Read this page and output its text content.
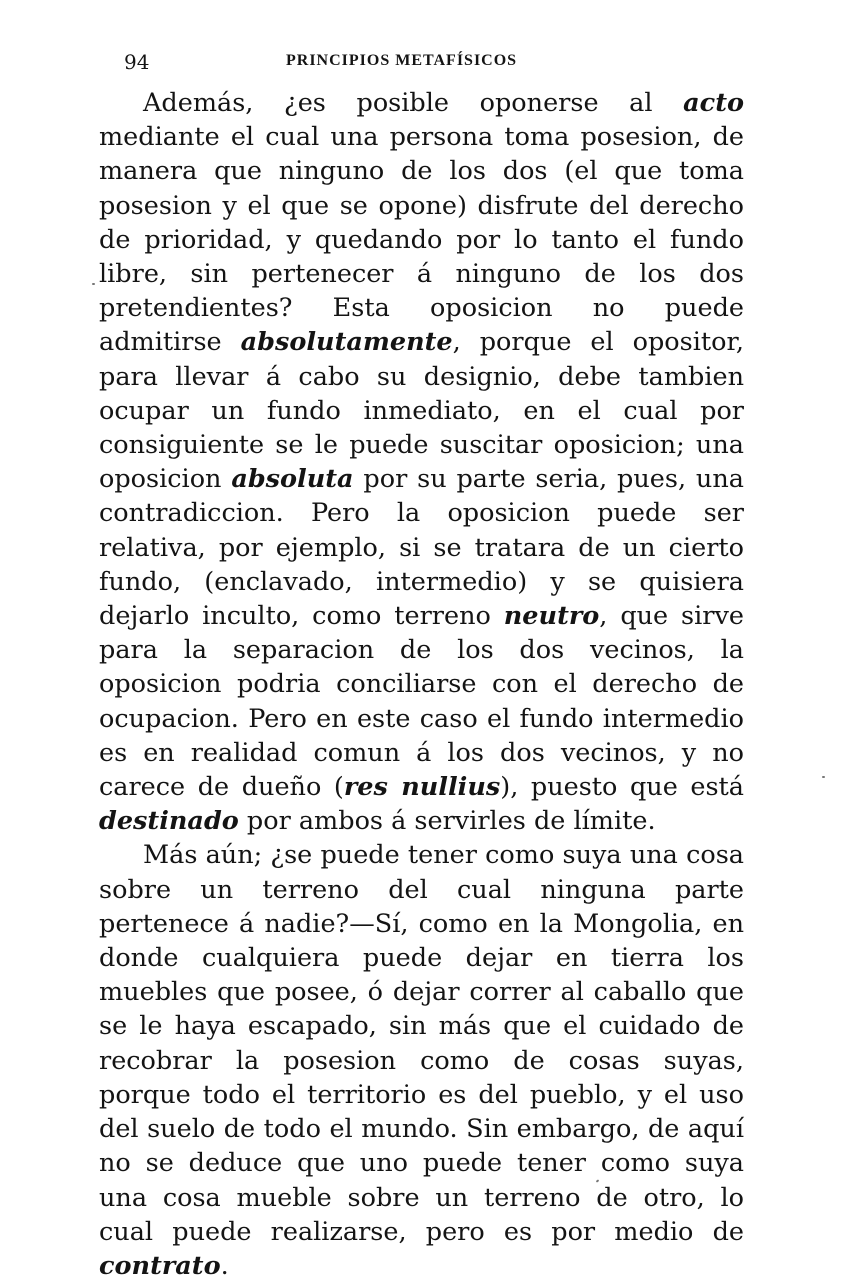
94	PRINCIPIOS METAFÍSICOS

Además, ¿es posible oponerse al acto mediante el cual una persona toma posesion, de manera que ninguno de los dos (el que toma posesion y el que se opone) disfrute del derecho de prioridad, y quedando por lo tanto el fundo libre, sin pertenecer á ninguno de los dos pretendientes? Esta oposicion no puede admitirse absolutamente, porque el opositor, para llevar á cabo su designio, debe tambien ocupar un fundo inmediato, en el cual por consiguiente se le puede suscitar oposicion; una oposicion absoluta por su parte seria, pues, una contradiccion. Pero la oposicion puede ser relativa, por ejemplo, si se tratara de un cierto fundo, (enclavado, intermedio) y se quisiera dejarlo inculto, como terreno neutro, que sirve para la separacion de los dos vecinos, la oposicion podria conciliarse con el derecho de ocupacion. Pero en este caso el fundo intermedio es en realidad comun á los dos vecinos, y no carece de dueño (res nullius), puesto que está destinado por ambos á servirles de límite.

Más aún; ¿se puede tener como suya una cosa sobre un terreno del cual ninguna parte pertenece á nadie?—Sí, como en la Mongolia, en donde cualquiera puede dejar en tierra los muebles que posee, ó dejar correr al caballo que se le haya escapado, sin más que el cuidado de recobrar la posesion como de cosas suyas, porque todo el territorio es del pueblo, y el uso del suelo de todo el mundo. Sin embargo, de aquí no se deduce que uno puede tener como suya una cosa mueble sobre un terreno de otro, lo cual puede realizarse, pero es por medio de contrato.
